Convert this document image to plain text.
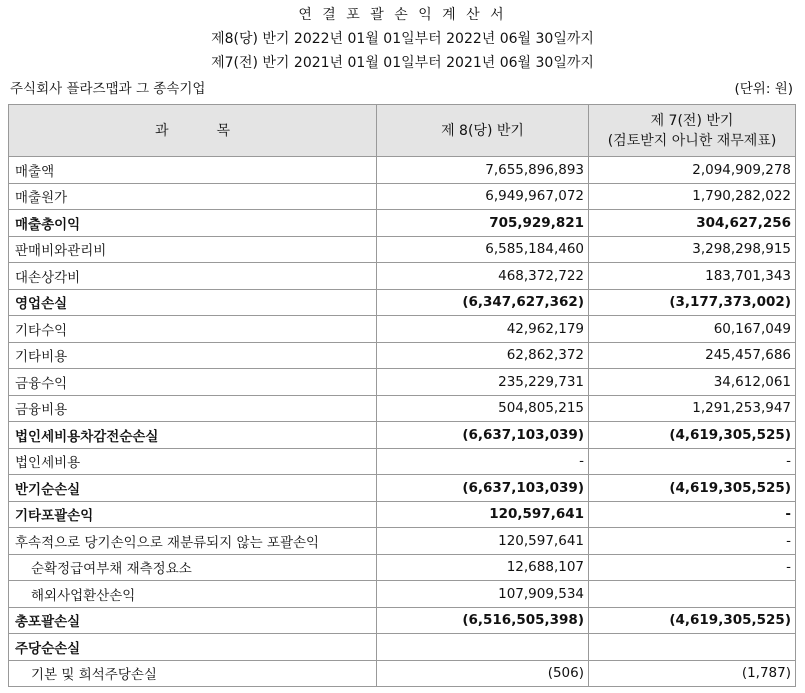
연 결 포 괄 손 익 계 산 서
제8(당) 반기 2022년 01월 01일부터 2022년 06월 30일까지
제7(전) 반기 2021년 01월 01일부터 2021년 06월 30일까지
주식회사 플라즈맵과 그 종속기업	(단위: 원)
과 목	제 8(당) 반기	제 7(전) 반기
(검토받지 아니한 재무제표)

매출액	7,655,896,893	2,094,909,278
매출원가	6,949,967,072	1,790,282,022
매출총이익	705,929,821	304,627,256
판매비와관리비	6,585,184,460	3,298,298,915
대손상각비	468,372,722	183,701,343
영업손실	(6,347,627,362)	(3,177,373,002)
기타수익	42,962,179	60,167,049
기타비용	62,862,372	245,457,686
금융수익	235,229,731	34,612,061
금융비용	504,805,215	1,291,253,947
법인세비용차감전순손실	(6,637,103,039)	(4,619,305,525)
법인세비용	-	-
반기순손실	(6,637,103,039)	(4,619,305,525)
기타포괄손익	120,597,641	-
후속적으로 당기손익으로 재분류되지 않는 포괄손익	120,597,641	-
순확정급여부채 재측정요소	12,688,107	-
해외사업환산손익	107,909,534	
총포괄손실	(6,516,505,398)	(4,619,305,525)
주당순손실		
기본 및 희석주당손실	(506)	(1,787)
